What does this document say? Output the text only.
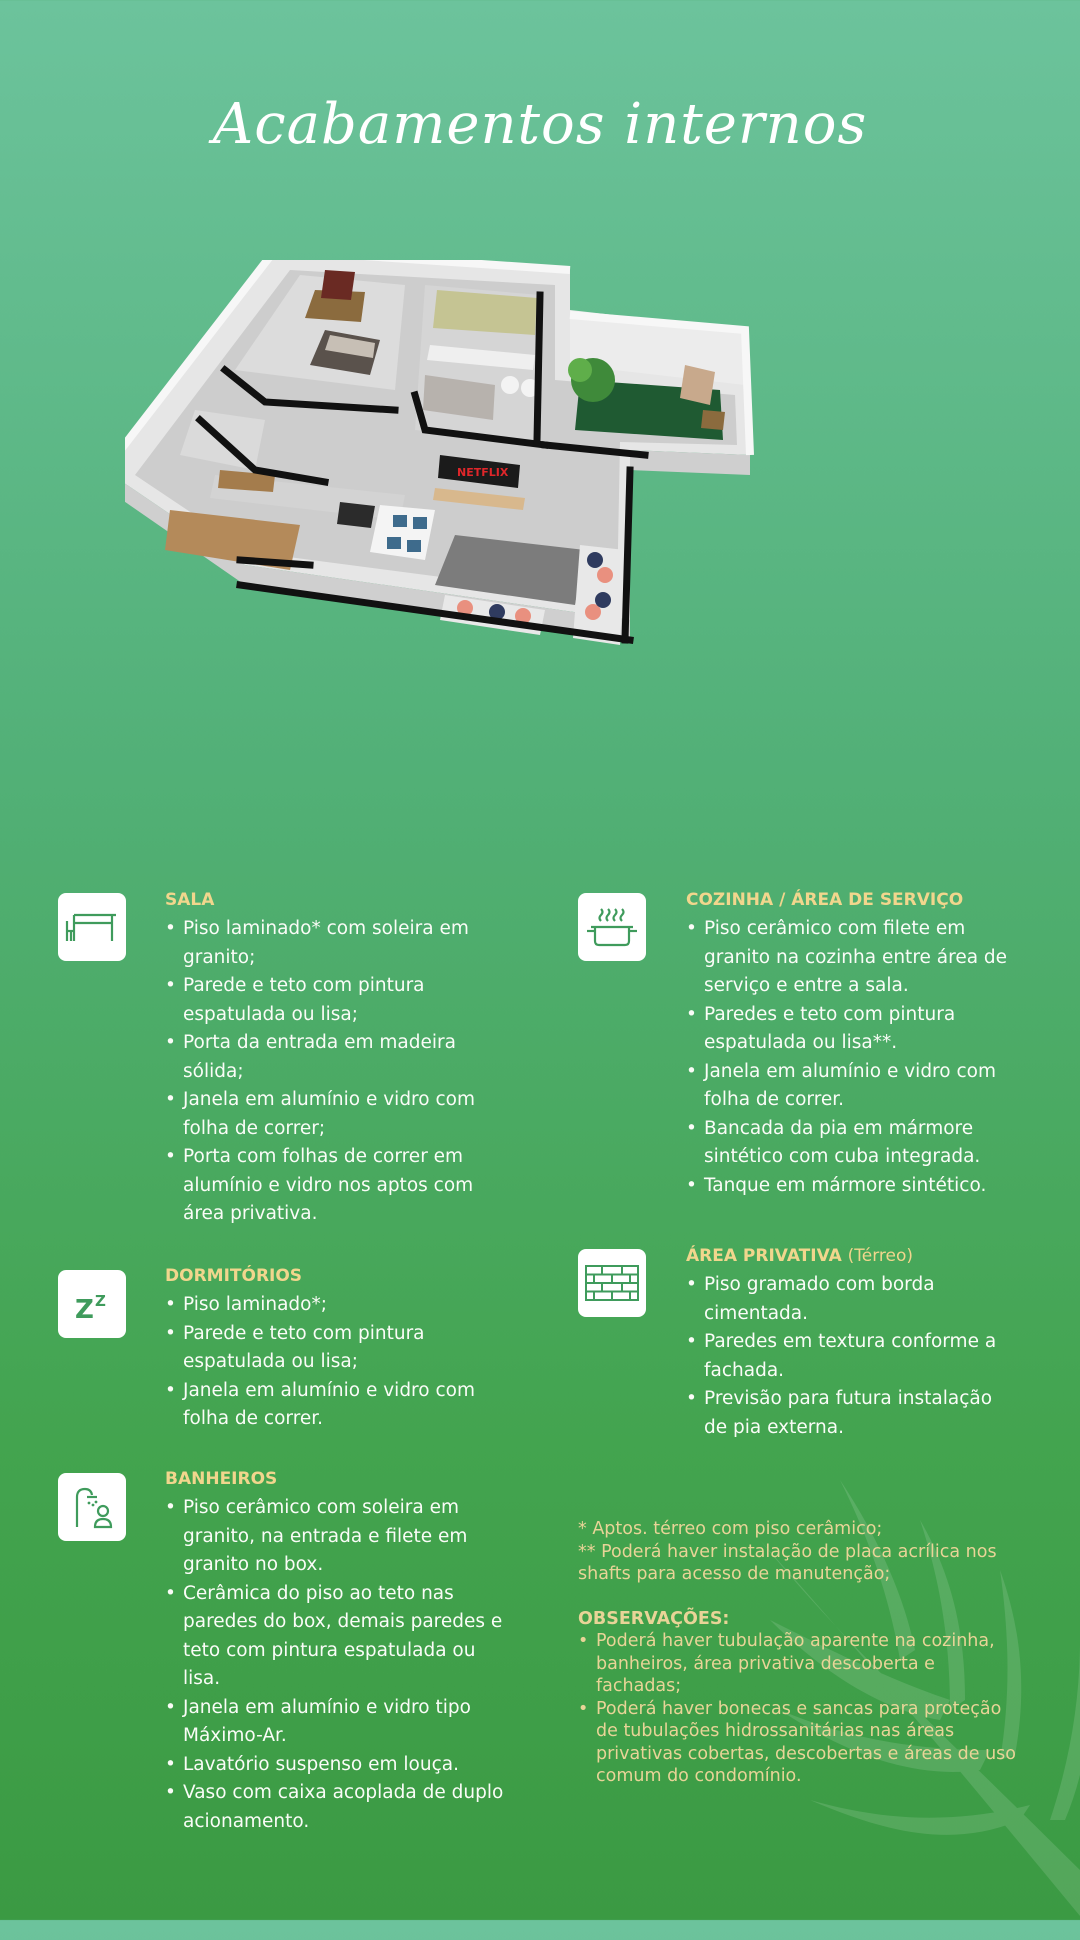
Acabamentos internos
NETFLIX
SALA
• Piso laminado* com soleira em granito;
• Parede e teto com pintura espatulada ou lisa;
• Porta da entrada em madeira sólida;
• Janela em alumínio e vidro com folha de correr;
• Porta com folhas de correr em alumínio e vidro nos aptos com área privativa.
Z Z
DORMITÓRIOS
• Piso laminado*;
• Parede e teto com pintura espatulada ou lisa;
• Janela em alumínio e vidro com folha de correr.
BANHEIROS
• Piso cerâmico com soleira em granito, na entrada e filete em granito no box.
• Cerâmica do piso ao teto nas paredes do box, demais paredes e teto com pintura espatulada ou lisa.
• Janela em alumínio e vidro tipo Máximo-Ar.
• Lavatório suspenso em louça.
• Vaso com caixa acoplada de duplo acionamento.
COZINHA / ÁREA DE SERVIÇO
• Piso cerâmico com filete em granito na cozinha entre área de serviço e entre a sala.
• Paredes e teto com pintura espatulada ou lisa**.
• Janela em alumínio e vidro com folha de correr.
• Bancada da pia em mármore sintético com cuba integrada.
• Tanque em mármore sintético.
ÁREA PRIVATIVA (Térreo)
• Piso gramado com borda cimentada.
• Paredes em textura conforme a fachada.
• Previsão para futura instalação de pia externa.

* Aptos. térreo com piso cerâmico;

** Poderá haver instalação de placa acrílica nos shafts para acesso de manutenção;

OBSERVAÇÕES:
• Poderá haver tubulação aparente na cozinha, banheiros, área privativa descoberta e fachadas;
• Poderá haver bonecas e sancas para proteção de tubulações hidrossanitárias nas áreas privativas cobertas, descobertas e áreas de uso comum do condomínio.
